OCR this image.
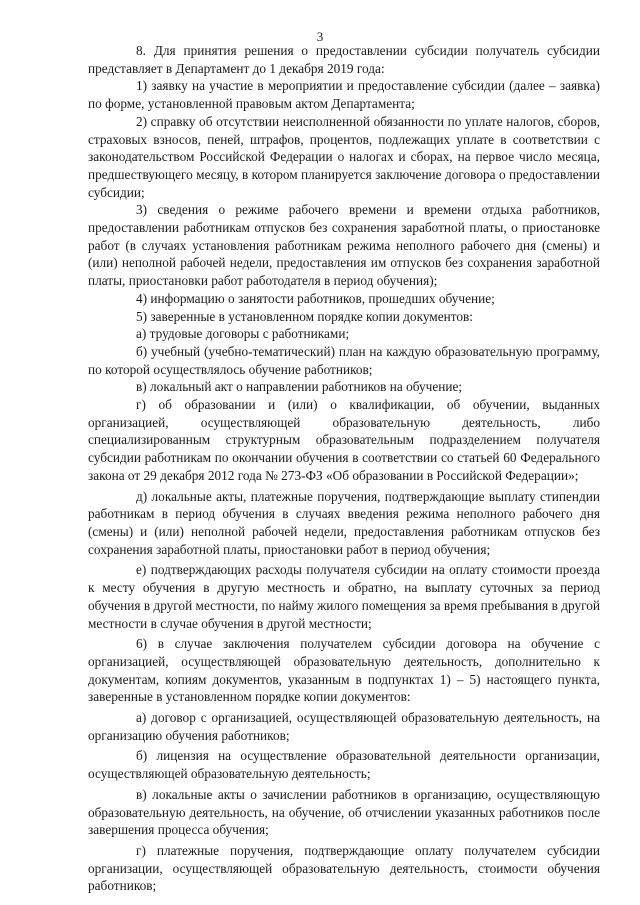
3

8. Для принятия решения о предоставлении субсидии получатель субсидии представляет в Департамент до 1 декабря 2019 года:

1) заявку на участие в мероприятии и предоставление субсидии (далее – заявка) по форме, установленной правовым актом Департамента;

2) справку об отсутствии неисполненной обязанности по уплате налогов, сборов, страховых взносов, пеней, штрафов, процентов, подлежащих уплате в соответствии с законодательством Российской Федерации о налогах и сборах, на первое число месяца, предшествующего месяцу, в котором планируется заключение договора о предоставлении субсидии;

3) сведения о режиме рабочего времени и времени отдыха работников, предоставлении работникам отпусков без сохранения заработной платы, о приостановке работ (в случаях установления работникам режима неполного рабочего дня (смены) и (или) неполной рабочей недели, предоставления им отпусков без сохранения заработной платы, приостановки работ работодателя в период обучения);

4) информацию о занятости работников, прошедших обучение;

5) заверенные в установленном порядке копии документов:

а) трудовые договоры с работниками;

б) учебный (учебно-тематический) план на каждую образовательную программу, по которой осуществлялось обучение работников;

в) локальный акт о направлении работников на обучение;

г) об образовании и (или) о квалификации, об обучении, выданных организацией, осуществляющей образовательную деятельность, либо специализированным структурным образовательным подразделением получателя субсидии работникам по окончании обучения в соответствии со статьей 60 Федерального закона от 29 декабря 2012 года № 273-ФЗ «Об образовании в Российской Федерации»;

д) локальные акты, платежные поручения, подтверждающие выплату стипендии работникам в период обучения в случаях введения режима неполного рабочего дня (смены) и (или) неполной рабочей недели, предоставления работникам отпусков без сохранения заработной платы, приостановки работ в период обучения;

е) подтверждающих расходы получателя субсидии на оплату стоимости проезда к месту обучения в другую местность и обратно, на выплату суточных за период обучения в другой местности, по найму жилого помещения за время пребывания в другой местности в случае обучения в другой местности;

6) в случае заключения получателем субсидии договора на обучение с организацией, осуществляющей образовательную деятельность, дополнительно к документам, копиям документов, указанным в подпунктах 1) – 5) настоящего пункта, заверенные в установленном порядке копии документов:

а) договор с организацией, осуществляющей образовательную деятельность, на организацию обучения работников;

б) лицензия на осуществление образовательной деятельности организации, осуществляющей образовательную деятельность;

в) локальные акты о зачислении работников в организацию, осуществляющую образовательную деятельность, на обучение, об отчислении указанных работников после завершения процесса обучения;

г) платежные поручения, подтверждающие оплату получателем субсидии организации, осуществляющей образовательную деятельность, стоимости обучения работников;
